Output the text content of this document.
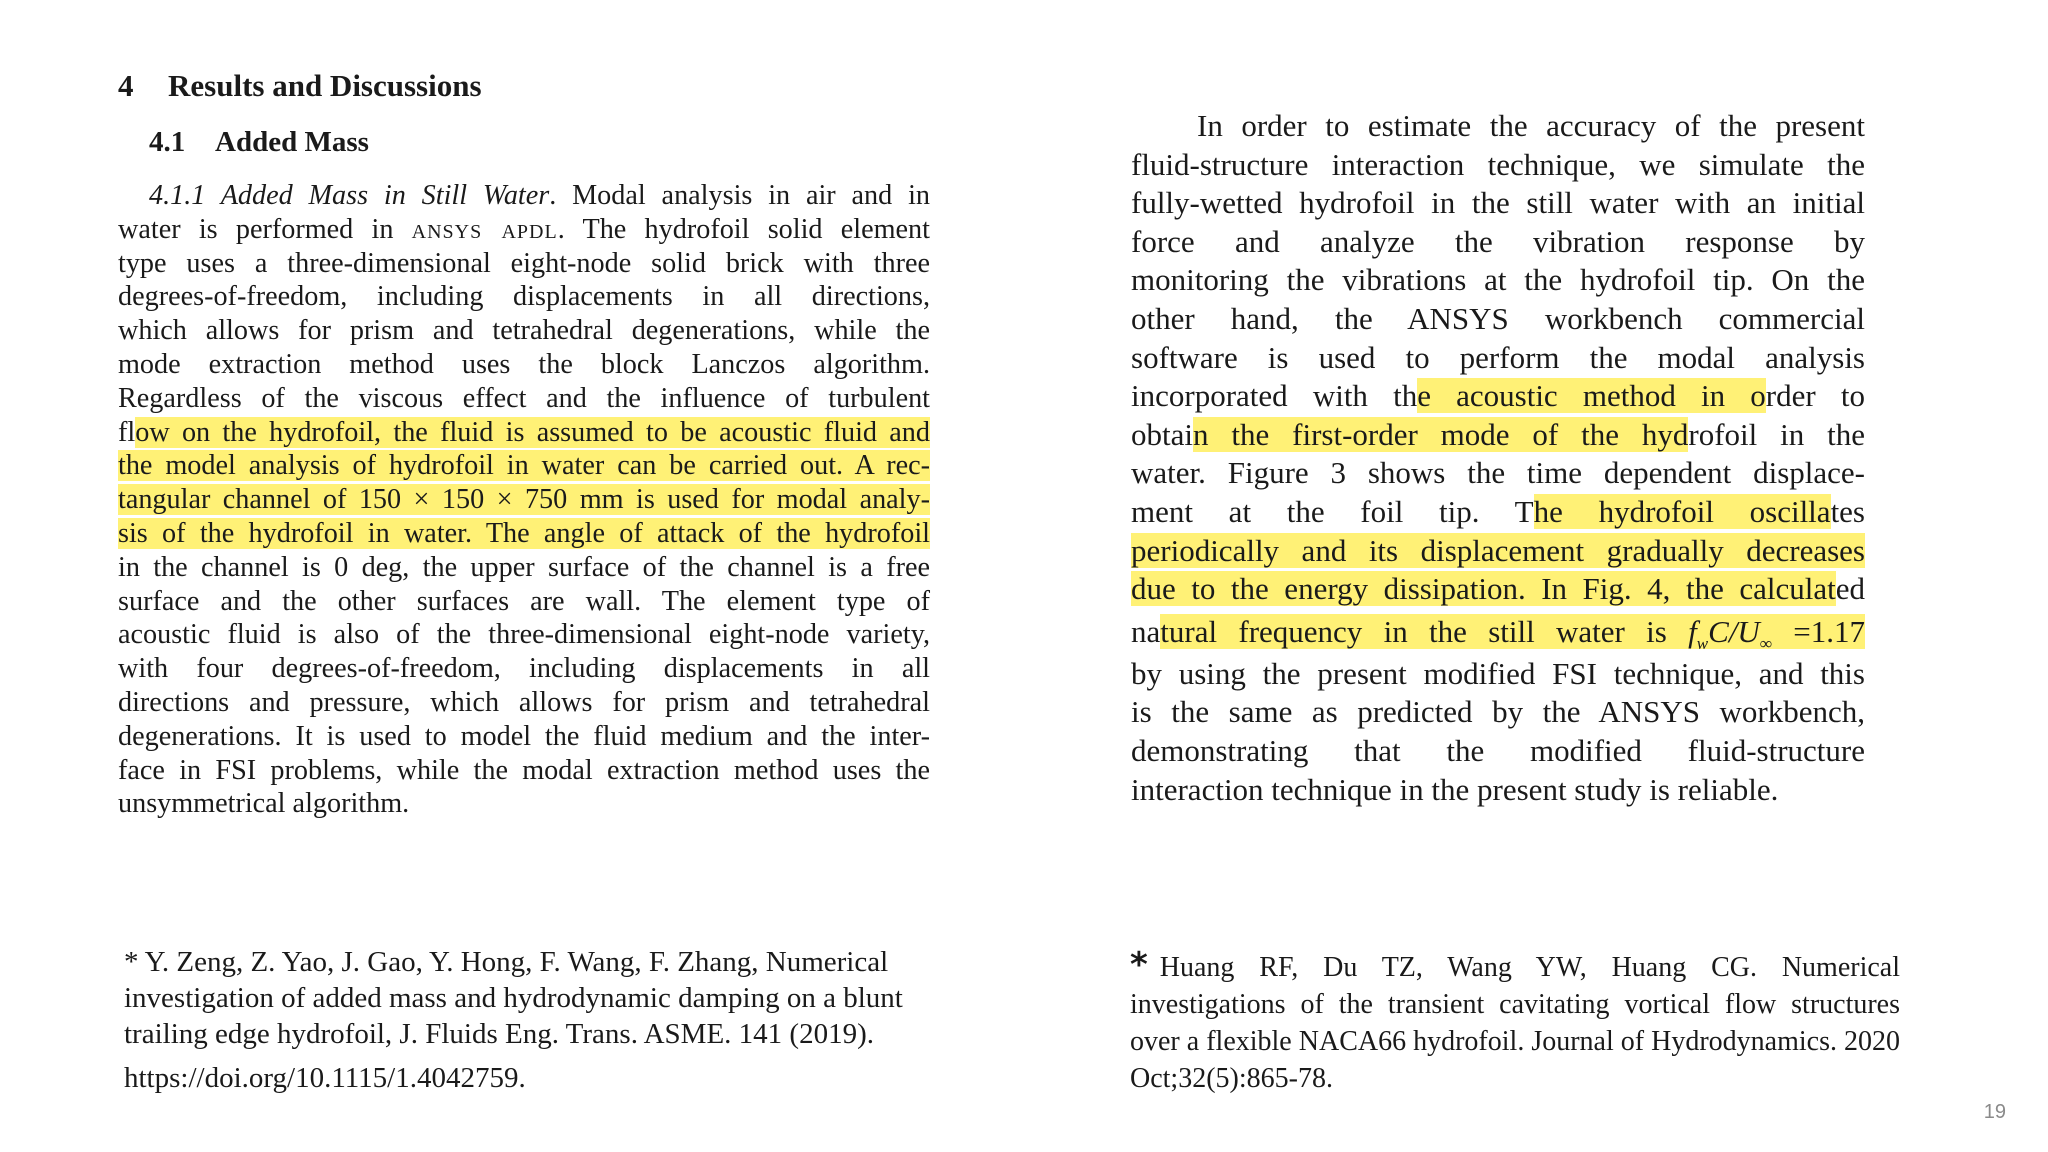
4 Results and Discussions
4.1 Added Mass
4.1.1 Added Mass in Still Water. Modal analysis in air and in
water is performed in ansys apdl. The hydrofoil solid element
type uses a three-dimensional eight-node solid brick with three
degrees-of-freedom, including displacements in all directions,
which allows for prism and tetrahedral degenerations, while the
mode extraction method uses the block Lanczos algorithm.
Regardless of the viscous effect and the influence of turbulent
flow on the hydrofoil, the fluid is assumed to be acoustic fluid and
the model analysis of hydrofoil in water can be carried out. A rec-
tangular channel of 150 × 150 × 750 mm is used for modal analy-
sis of the hydrofoil in water. The angle of attack of the hydrofoil
in the channel is 0 deg, the upper surface of the channel is a free
surface and the other surfaces are wall. The element type of
acoustic fluid is also of the three-dimensional eight-node variety,
with four degrees-of-freedom, including displacements in all
directions and pressure, which allows for prism and tetrahedral
degenerations. It is used to model the fluid medium and the inter-
face in FSI problems, while the modal extraction method uses the
unsymmetrical algorithm.
In order to estimate the accuracy of the present
fluid-structure interaction technique, we simulate the
fully-wetted hydrofoil in the still water with an initial
force and analyze the vibration response by
monitoring the vibrations at the hydrofoil tip. On the
other hand, the ANSYS workbench commercial
software is used to perform the modal analysis
incorporated with the acoustic method in order to
obtain the first-order mode of the hydrofoil in the
water. Figure 3 shows the time dependent displace-
ment at the foil tip. The hydrofoil oscillates
periodically and its displacement gradually decreases
due to the energy dissipation. In Fig. 4, the calculated
natural frequency in the still water is $f_wC/U_\infty =1.17$
by using the present modified FSI technique, and this
is the same as predicted by the ANSYS workbench,
demonstrating that the modified fluid-structure
interaction technique in the present study is reliable.
* Y. Zeng, Z. Yao, J. Gao, Y. Hong, F. Wang, F. Zhang, Numerical
investigation of added mass and hydrodynamic damping on a blunt
trailing edge hydrofoil, J. Fluids Eng. Trans. ASME. 141 (2019).
https://doi.org/10.1115/1.4042759.
* Huang RF, Du TZ, Wang YW, Huang CG. Numerical investigations of the transient cavitating vortical flow structures over a flexible NACA66 hydrofoil. Journal of Hydrodynamics. 2020 Oct;32(5):865-78.
19
